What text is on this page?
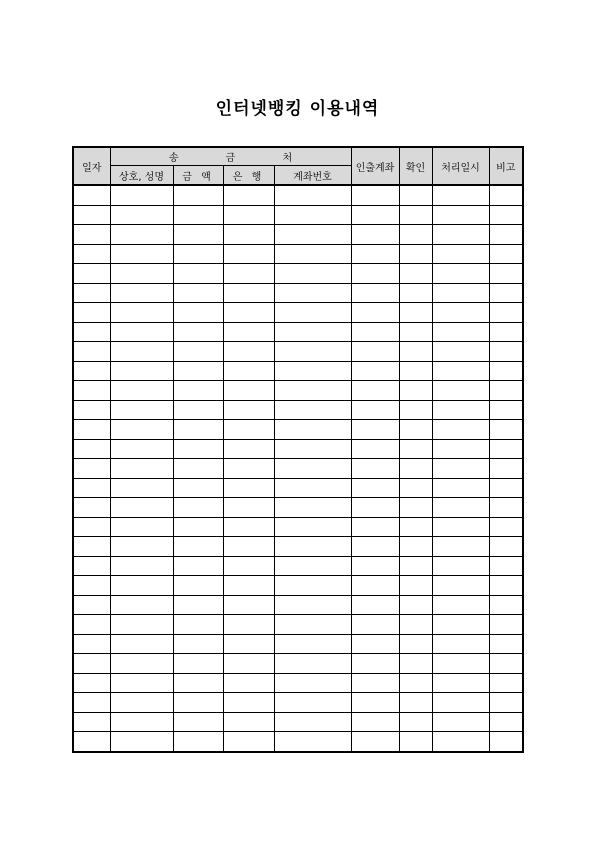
인터넷뱅킹 이용내역
일자	송 금 처				인출계좌	확인	처리일시	비고
	상호, 성명	금 액	은 행	계좌번호				
